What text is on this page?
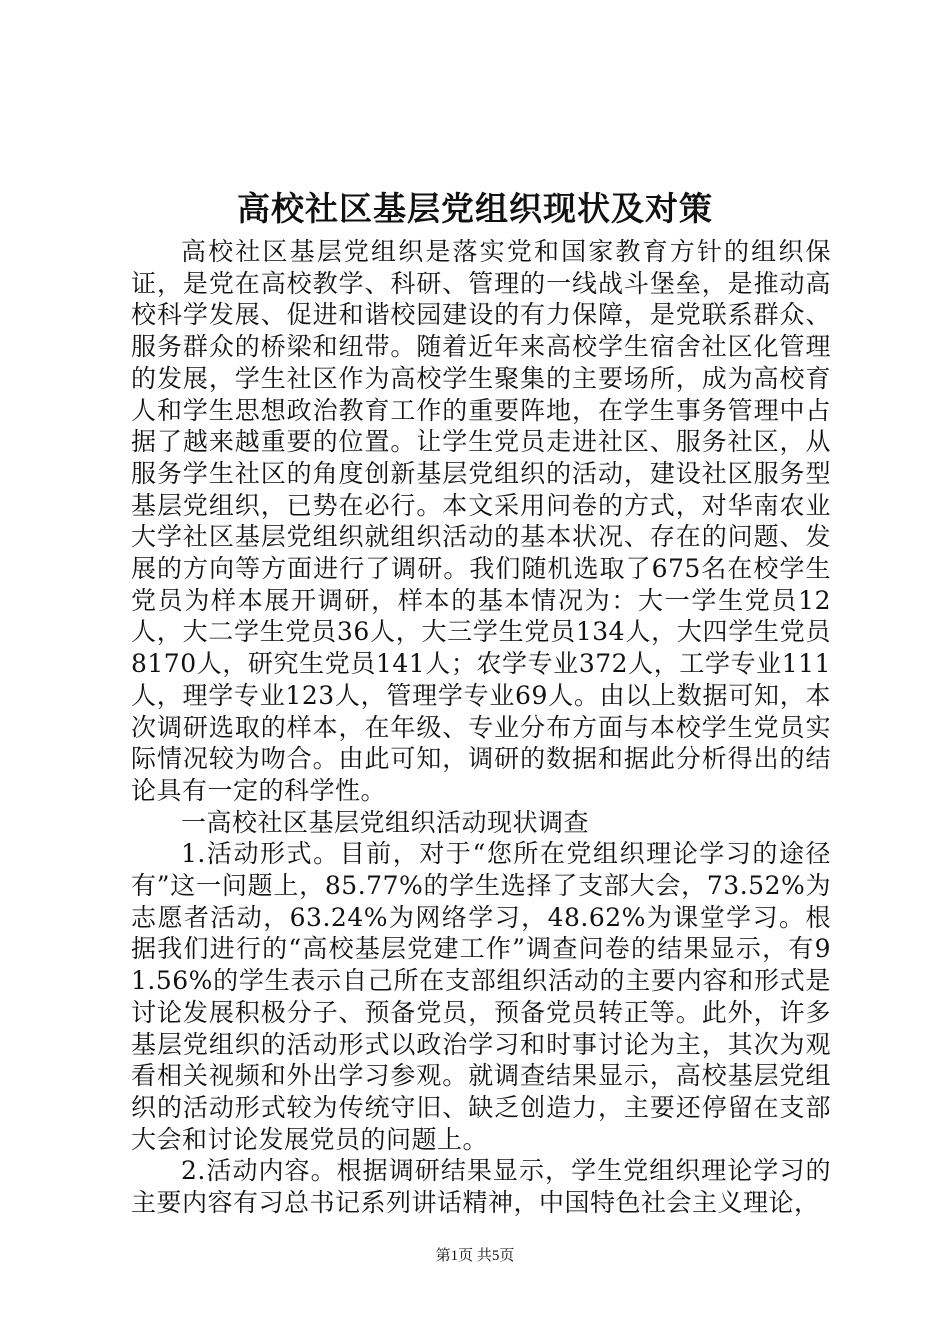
高校社区基层党组织现状及对策

高校社区基层党组织是落实党和国家教育方针的组织保证，是党在高校教学、科研、管理的一线战斗堡垒，是推动高校科学发展、促进和谐校园建设的有力保障，是党联系群众、服务群众的桥梁和纽带。随着近年来高校学生宿舍社区化管理的发展，学生社区作为高校学生聚集的主要场所，成为高校育人和学生思想政治教育工作的重要阵地，在学生事务管理中占据了越来越重要的位置。让学生党员走进社区、服务社区，从服务学生社区的角度创新基层党组织的活动，建设社区服务型基层党组织，已势在必行。本文采用问卷的方式，对华南农业大学社区基层党组织就组织活动的基本状况、存在的问题、发展的方向等方面进行了调研。我们随机选取了675名在校学生党员为样本展开调研，样本的基本情况为：大一学生党员12人，大二学生党员36人，大三学生党员134人，大四学生党员8170人，研究生党员141人；农学专业372人，工学专业111人，理学专业123人，管理学专业69人。由以上数据可知，本次调研选取的样本，在年级、专业分布方面与本校学生党员实际情况较为吻合。由此可知，调研的数据和据此分析得出的结论具有一定的科学性。

一高校社区基层党组织活动现状调查

1.活动形式。目前，对于“您所在党组织理论学习的途径有”这一问题上，85.77%的学生选择了支部大会，73.52%为志愿者活动，63.24%为网络学习，48.62%为课堂学习。根据我们进行的“高校基层党建工作”调查问卷的结果显示，有91.56%的学生表示自己所在支部组织活动的主要内容和形式是讨论发展积极分子、预备党员，预备党员转正等。此外，许多基层党组织的活动形式以政治学习和时事讨论为主，其次为观看相关视频和外出学习参观。就调查结果显示，高校基层党组织的活动形式较为传统守旧、缺乏创造力，主要还停留在支部大会和讨论发展党员的问题上。

2.活动内容。根据调研结果显示，学生党组织理论学习的主要内容有习总书记系列讲话精神，中国特色社会主义理论，

第1页 共5页
